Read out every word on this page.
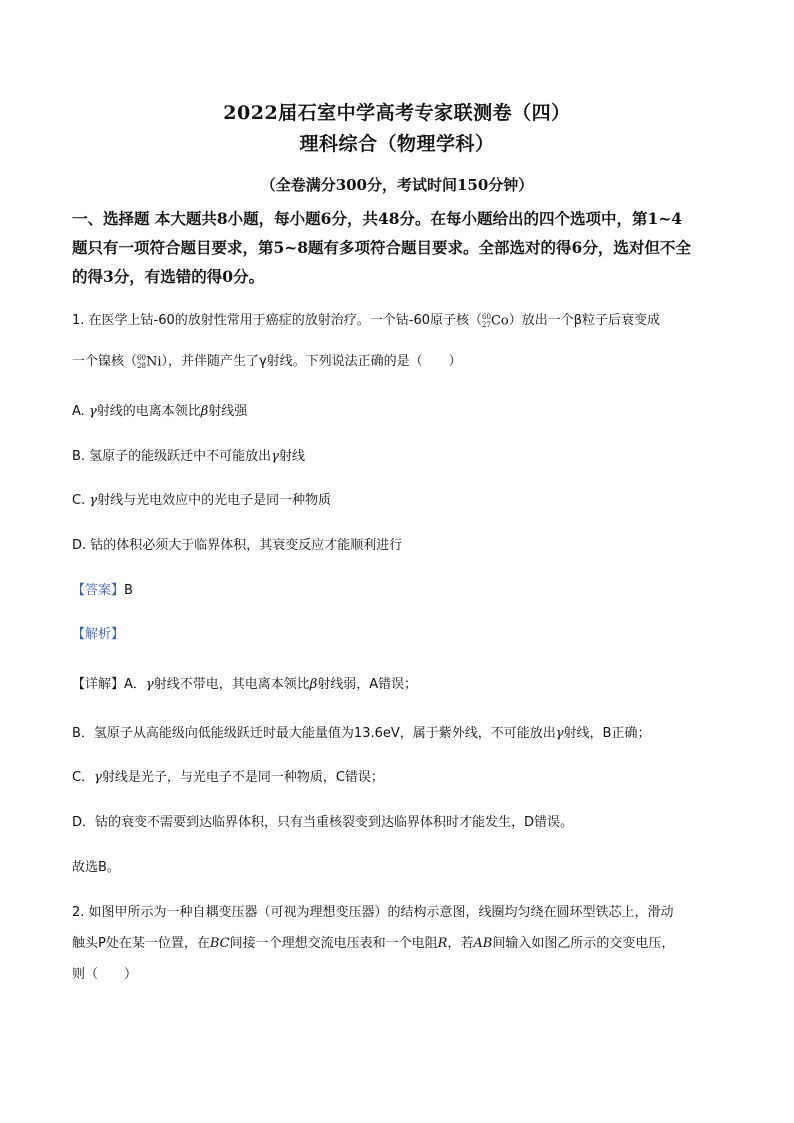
2022届石室中学高考专家联测卷（四）
理科综合（物理学科）
（全卷满分300分，考试时间150分钟）
一、选择题 本大题共8小题，每小题6分，共48分。在每小题给出的四个选项中，第1~4
题只有一项符合题目要求，第5~8题有多项符合题目要求。全部选对的得6分，选对但不全
的得3分，有选错的得0分。
1. 在医学上钴-60的放射性常用于癌症的放射治疗。一个钴-60原子核（ 60
27 Co）放出一个β粒子后衰变成
一个镍核（ 60
28 Ni），并伴随产生了γ射线。下列说法正确的是（　　）
A. γ射线的电离本领比β射线强
B. 氢原子的能级跃迁中不可能放出γ射线
C. γ射线与光电效应中的光电子是同一种物质
D. 钴的体积必须大于临界体积，其衰变反应才能顺利进行
【答案】B
【解析】
【详解】A．γ射线不带电，其电离本领比β射线弱，A错误；
B．氢原子从高能级向低能级跃迁时最大能量值为13.6eV，属于紫外线，不可能放出γ射线，B正确；
C．γ射线是光子，与光电子不是同一种物质，C错误；
D．钴的衰变不需要到达临界体积，只有当重核裂变到达临界体积时才能发生，D错误。
故选B。
2. 如图甲所示为一种自耦变压器（可视为理想变压器）的结构示意图，线圈均匀绕在圆环型铁芯上，滑动
触头P处在某一位置，在BC间接一个理想交流电压表和一个电阻R，若AB间输入如图乙所示的交变电压，
则（　　）
